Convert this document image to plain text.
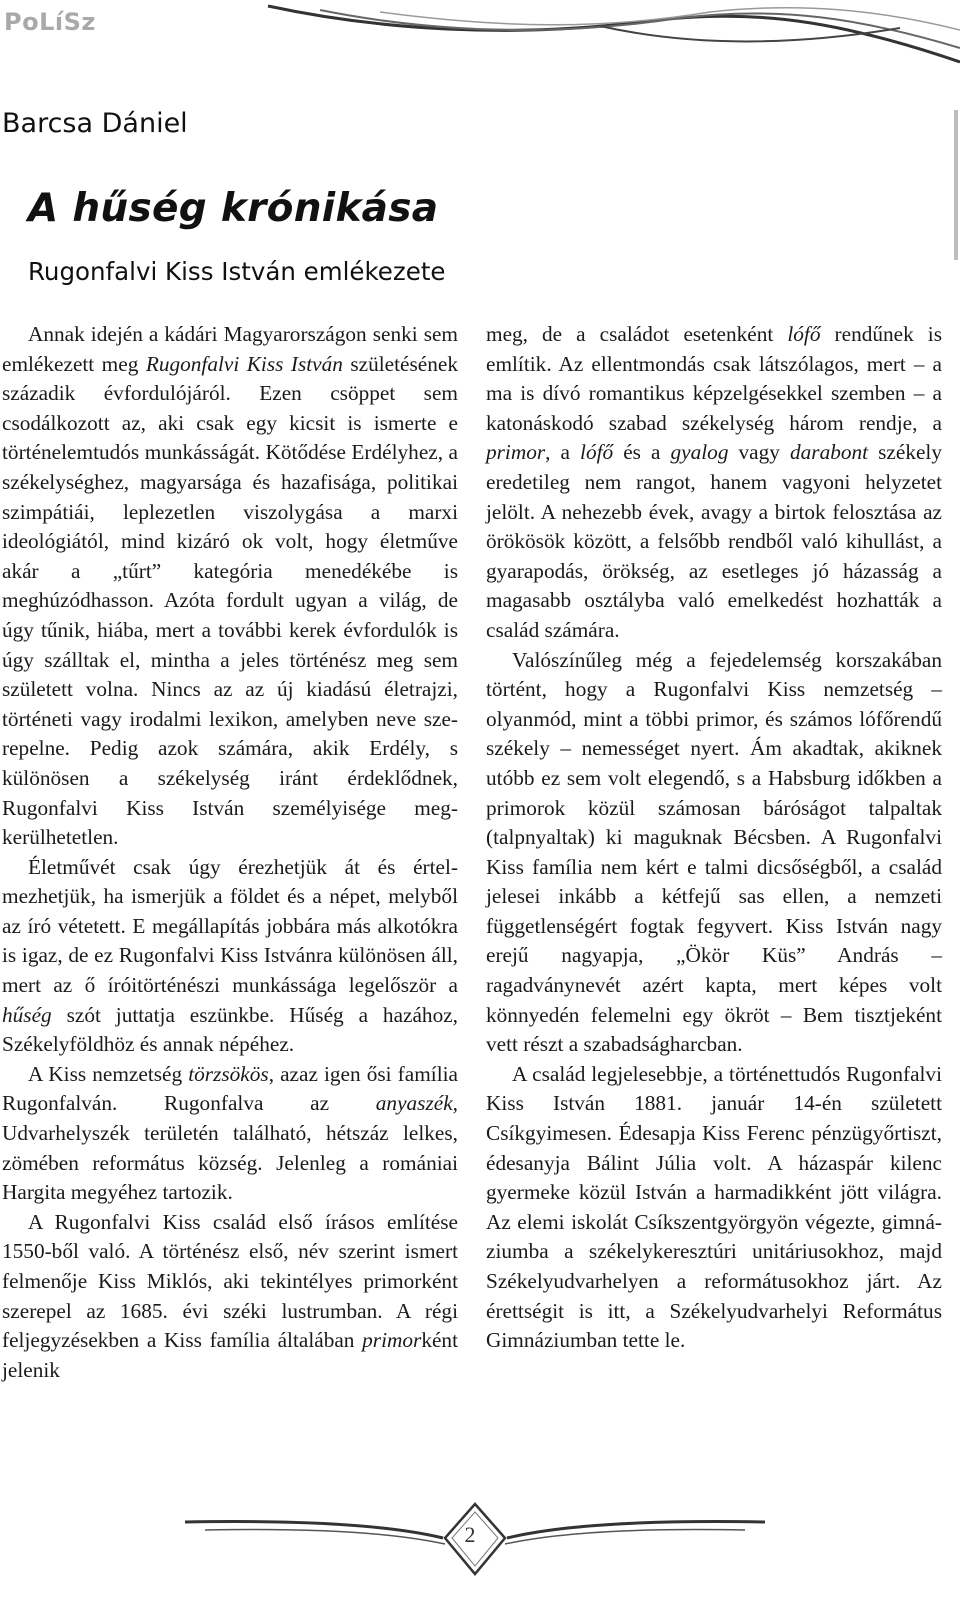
PoLíSz
Barcsa Dániel
A hűség krónikása
Rugonfalvi Kiss István emlékezete

Annak idején a kádári Magyarországon senki sem emlékezett meg Rugonfalvi Kiss István születésének századik évfordulójáról. Ezen csöppet sem csodálkozott az, aki csak egy kicsit is ismerte e történelemtudós munkásságát. Kötődése Erdélyhez, a székelységhez, magyarsága és hazafisága, politikai szimpátiái, leplezetlen viszolygása a marxi ideológiától, mind kizáró ok volt, hogy életműve akár a „tűrt” kategória menedékébe is meghúzódhasson. Azóta fordult ugyan a világ, de úgy tűnik, hiába, mert a további kerek évfordulók is úgy szálltak el, mintha a jeles történész meg sem született volna. Nincs az az új kiadású életrajzi, történeti vagy irodalmi lexikon, amelyben neve szerepelne. Pedig azok számára, akik Erdély, s különösen a székelység iránt érdeklődnek, Rugonfalvi Kiss István személyisége megkerülhetetlen.

Életművét csak úgy érezhetjük át és értelmezhetjük, ha ismerjük a földet és a népet, melyből az író vétetett. E megállapítás jobbára más alkotókra is igaz, de ez Rugonfalvi Kiss Istvánra különösen áll, mert az ő íróitörténészi munkássága legelőször a hűség szót juttatja eszünkbe. Hűség a hazához, Székelyföldhöz és annak népéhez.

A Kiss nemzetség törzsökös, azaz igen ősi família Rugonfalván. Rugonfalva az anyaszék, Udvarhelyszék területén található, hétszáz lelkes, zömében református község. Jelenleg a romániai Hargita megyéhez tartozik.

A Rugonfalvi Kiss család első írásos említése 1550-ből való. A történész első, név szerint ismert felmenője Kiss Miklós, aki tekintélyes primorként szerepel az 1685. évi széki lustrumban. A régi feljegyzésekben a Kiss família általában primorként jelenik

meg, de a családot esetenként lófő rendűnek is említik. Az ellentmondás csak látszólagos, mert – a ma is dívó romantikus képzelgésekkel szemben – a katonáskodó szabad székelység három rendje, a primor, a lófő és a gyalog vagy darabont székely eredetileg nem rangot, hanem vagyoni helyzetet jelölt. A nehezebb évek, avagy a birtok felosztása az örökösök között, a felsőbb rendből való kihullást, a gyarapodás, örökség, az esetleges jó házasság a magasabb osztályba való emelkedést hozhatták a család számára.

Valószínűleg még a fejedelemség korszakában történt, hogy a Rugonfalvi Kiss nemzetség – olyanmód, mint a többi primor, és számos lófőrendű székely – nemességet nyert. Ám akadtak, akiknek utóbb ez sem volt elegendő, s a Habsburg időkben a primorok közül számosan báróságot talpaltak (talpnyaltak) ki maguknak Bécsben. A Rugonfalvi Kiss família nem kért e talmi dicsőségből, a család jelesei inkább a kétfejű sas ellen, a nemzeti függetlenségért fogtak fegyvert. Kiss István nagy erejű nagyapja, „Ökör Küs” András – ragadványnevét azért kapta, mert képes volt könnyedén felemelni egy ökröt – Bem tisztjeként vett részt a szabadságharcban.

A család legjelesebbje, a történettudós Rugonfalvi Kiss István 1881. január 14-én született Csíkgyimesen. Édesapja Kiss Ferenc pénzügyőrtiszt, édesanyja Bálint Júlia volt. A házaspár kilenc gyermeke közül István a harmadikként jött világra. Az elemi iskolát Csíkszentgyörgyön végezte, gimnáziumba a székelykeresztúri unitáriusokhoz, majd Székelyudvarhelyen a reformátusokhoz járt. Az érettségit is itt, a Székelyudvarhelyi Református Gimnáziumban tette le.

2
